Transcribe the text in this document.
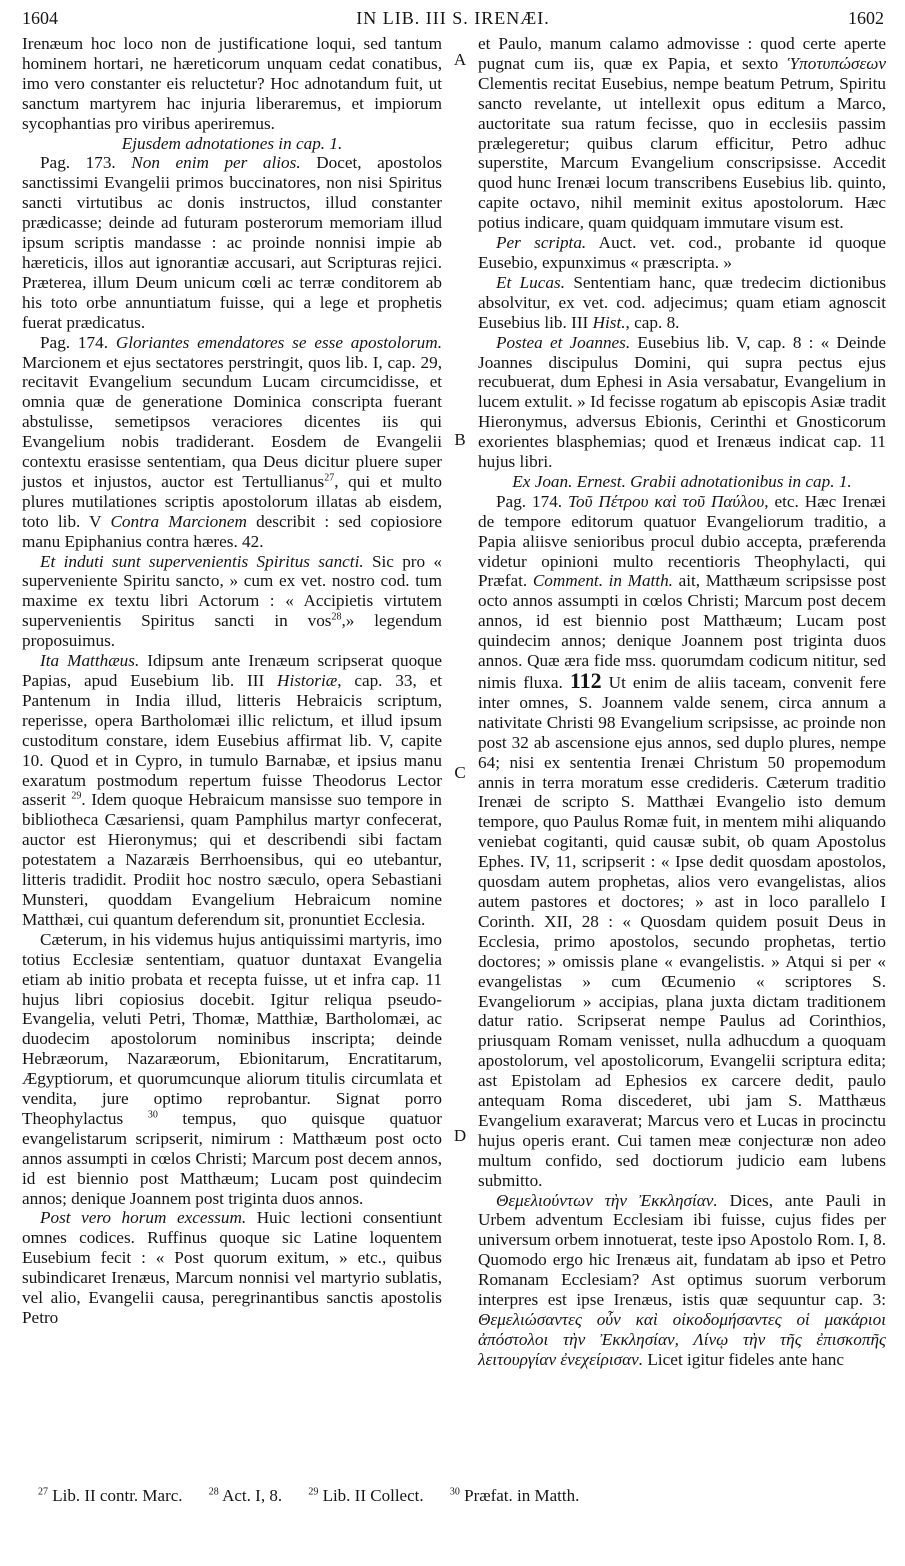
1604	IN LIB. III S. IRENÆI.	1602

Irenæum hoc loco non de justificatione loqui, sed tantum hominem hortari, ne hæreticorum unquam cedat conatibus, imo vero constanter eis reluctetur? Hoc adnotandum fuit, ut sanctum martyrem hac injuria liberaremus, et impiorum sycophantias pro viribus aperiremus.

Ejusdem adnotationes in cap. 1.

Pag. 173. Non enim per alios. Docet, apostolos sanctissimi Evangelii primos buccinatores, non nisi Spiritus sancti virtutibus ac donis instructos, illud constanter prædicasse; deinde ad futuram posterorum memoriam illud ipsum scriptis mandasse : ac proinde nonnisi impie ab hæreticis, illos aut ignorantiæ accusari, aut Scripturas rejici. Præterea, illum Deum unicum cœli ac terræ conditorem ab his toto orbe annuntiatum fuisse, qui a lege et prophetis fuerat prædicatus.

Pag. 174. Gloriantes emendatores se esse apostolorum. Marcionem et ejus sectatores perstringit, quos lib. I, cap. 29, recitavit Evangelium secundum Lucam circumcidisse, et omnia quæ de generatione Dominica conscripta fuerant abstulisse, semetipsos veraciores dicentes iis qui Evangelium nobis tradiderant. Eosdem de Evangelii contextu erasisse sententiam, qua Deus dicitur pluere super justos et injustos, auctor est Tertullianus$^{27}$, qui et multo plures mutilationes scriptis apostolorum illatas ab eisdem, toto lib. V Contra Marcionem describit : sed copiosiore manu Epiphanius contra hæres. 42.

Et induti sunt supervenientis Spiritus sancti. Sic pro « superveniente Spiritu sancto, » cum ex vet. nostro cod. tum maxime ex textu libri Actorum : « Accipietis virtutem supervenientis Spiritus sancti in vos$^{28}$,» legendum proposuimus.

Ita Matthæus. Idipsum ante Irenæum scripserat quoque Papias, apud Eusebium lib. III Historiæ, cap. 33, et Pantenum in India illud, litteris Hebraicis scriptum, reperisse, opera Bartholomæi illic relictum, et illud ipsum custoditum constare, idem Eusebius affirmat lib. V, capite 10. Quod et in Cypro, in tumulo Barnabæ, et ipsius manu exaratum postmodum repertum fuisse Theodorus Lector asserit $^{29}$. Idem quoque Hebraicum mansisse suo tempore in bibliotheca Cæsariensi, quam Pamphilus martyr confecerat, auctor est Hieronymus; qui et describendi sibi factam potestatem a Nazaræis Berrhoensibus, qui eo utebantur, litteris tradidit. Prodiit hoc nostro sæculo, opera Sebastiani Munsteri, quoddam Evangelium Hebraicum nomine Matthæi, cui quantum deferendum sit, pronuntiet Ecclesia.

Cæterum, in his videmus hujus antiquissimi martyris, imo totius Ecclesiæ sententiam, quatuor duntaxat Evangelia etiam ab initio probata et recepta fuisse, ut et infra cap. 11 hujus libri copiosius docebit. Igitur reliqua pseudo-Evangelia, veluti Petri, Thomæ, Matthiæ, Bartholomæi, ac duodecim apostolorum nominibus inscripta; deinde Hebræorum, Nazaræorum, Ebionitarum, Encratitarum, Ægyptiorum, et quorumcunque aliorum titulis circumlata et vendita, jure optimo reprobantur. Signat porro Theophylactus $^{30}$ tempus, quo quisque quatuor evangelistarum scripserit, nimirum : Matthæum post octo annos assumpti in cœlos Christi; Marcum post decem annos, id est biennio post Matthæum; Lucam post quindecim annos; denique Joannem post triginta duos annos.

Post vero horum excessum. Huic lectioni consentiunt omnes codices. Ruffinus quoque sic Latine loquentem Eusebium fecit : « Post quorum exitum, » etc., quibus subindicaret Irenæus, Marcum nonnisi vel martyrio sublatis, vel alio, Evangelii causa, peregrinantibus sanctis apostolis Petro

A
B
C
D

et Paulo, manum calamo admovisse : quod certe aperte pugnat cum iis, quæ ex Papia, et sexto Ὑποτυπώσεων Clementis recitat Eusebius, nempe beatum Petrum, Spiritu sancto revelante, ut intellexit opus editum a Marco, auctoritate sua ratum fecisse, quo in ecclesiis passim prælegeretur; quibus clarum efficitur, Petro adhuc superstite, Marcum Evangelium conscripsisse. Accedit quod hunc Irenæi locum transcribens Eusebius lib. quinto, capite octavo, nihil meminit exitus apostolorum. Hæc potius indicare, quam quidquam immutare visum est.

Per scripta. Auct. vet. cod., probante id quoque Eusebio, expunximus « præscripta. »

Et Lucas. Sententiam hanc, quæ tredecim dictionibus absolvitur, ex vet. cod. adjecimus; quam etiam agnoscit Eusebius lib. III Hist., cap. 8.

Postea et Joannes. Eusebius lib. V, cap. 8 : « Deinde Joannes discipulus Domini, qui supra pectus ejus recubuerat, dum Ephesi in Asia versabatur, Evangelium in lucem extulit. » Id fecisse rogatum ab episcopis Asiæ tradit Hieronymus, adversus Ebionis, Cerinthi et Gnosticorum exorientes blasphemias; quod et Irenæus indicat cap. 11 hujus libri.

Ex Joan. Ernest. Grabii adnotationibus in cap. 1.

Pag. 174. Τοῦ Πέτρου καὶ τοῦ Παύλου, etc. Hæc Irenæi de tempore editorum quatuor Evangeliorum traditio, a Papia aliisve senioribus procul dubio accepta, præferenda videtur opinioni multo recentioris Theophylacti, qui Præfat. Comment. in Matth. ait, Matthæum scripsisse post octo annos assumpti in cœlos Christi; Marcum post decem annos, id est biennio post Matthæum; Lucam post quindecim annos; denique Joannem post triginta duos annos. Quæ æra fide mss. quorumdam codicum nititur, sed nimis fluxa. 112 Ut enim de aliis taceam, convenit fere inter omnes, S. Joannem valde senem, circa annum a nativitate Christi 98 Evangelium scripsisse, ac proinde non post 32 ab ascensione ejus annos, sed duplo plures, nempe 64; nisi ex sententia Irenæi Christum 50 propemodum annis in terra moratum esse credideris. Cæterum traditio Irenæi de scripto S. Matthæi Evangelio isto demum tempore, quo Paulus Romæ fuit, in mentem mihi aliquando veniebat cogitanti, quid causæ subit, ob quam Apostolus Ephes. IV, 11, scripserit : « Ipse dedit quosdam apostolos, quosdam autem prophetas, alios vero evangelistas, alios autem pastores et doctores; » ast in loco parallelo I Corinth. XII, 28 : « Quosdam quidem posuit Deus in Ecclesia, primo apostolos, secundo prophetas, tertio doctores; » omissis plane « evangelistis. » Atqui si per « evangelistas » cum Œcumenio « scriptores S. Evangeliorum » accipias, plana juxta dictam traditionem datur ratio. Scripserat nempe Paulus ad Corinthios, priusquam Romam venisset, nulla adhucdum a quoquam apostolorum, vel apostolicorum, Evangelii scriptura edita; ast Epistolam ad Ephesios ex carcere dedit, paulo antequam Roma discederet, ubi jam S. Matthæus Evangelium exaraverat; Marcus vero et Lucas in procinctu hujus operis erant. Cui tamen meæ conjecturæ non adeo multum confido, sed doctiorum judicio eam lubens submitto.

Θεμελιούντων τὴν Ἐκκλησίαν. Dices, ante Pauli in Urbem adventum Ecclesiam ibi fuisse, cujus fides per universum orbem innotuerat, teste ipso Apostolo Rom. I, 8. Quomodo ergo hic Irenæus ait, fundatam ab ipso et Petro Romanam Ecclesiam? Ast optimus suorum verborum interpres est ipse Irenæus, istis quæ sequuntur cap. 3: Θεμελιώσαντες οὖν καὶ οἰκοδομήσαντες οἱ μακάριοι ἀπόστολοι τὴν Ἐκκλησίαν, Λίνῳ τὴν τῆς ἐπισκοπῆς λειτουργίαν ἐνεχείρισαν. Licet igitur fideles ante hanc

$^{27}$ Lib. II contr. Marc.	$^{28}$ Act. I, 8.	$^{29}$ Lib. II Collect.	$^{30}$ Præfat. in Matth.
